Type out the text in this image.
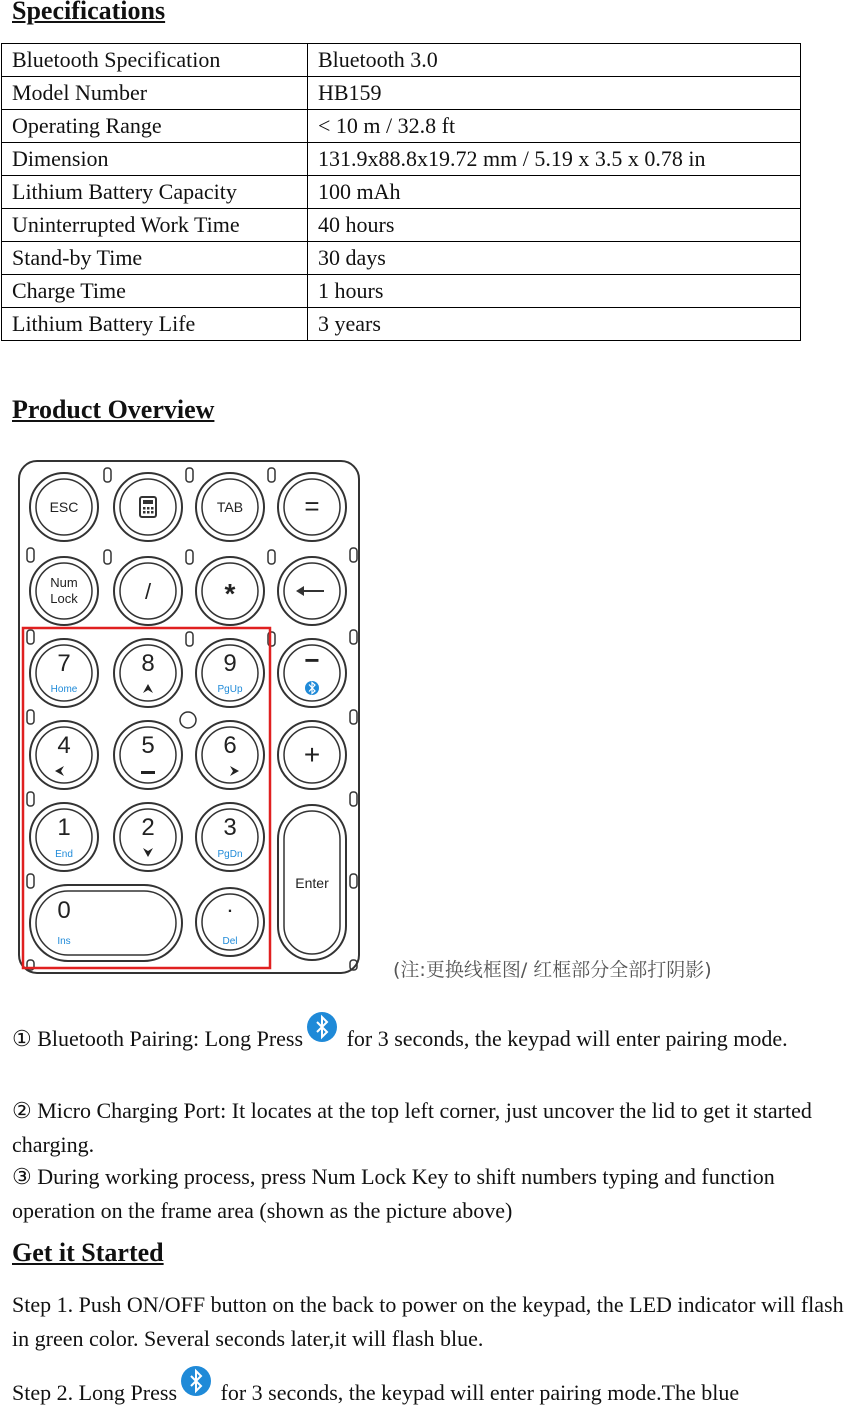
Specifications
Bluetooth Specification	Bluetooth 3.0
Model Number	HB159
Operating Range	< 10 m / 32.8 ft
Dimension	131.9x88.8x19.72 mm / 5.19 x 3.5 x 0.78 in
Lithium Battery Capacity	100 mAh
Uninterrupted Work Time	40 hours
Stand-by Time	30 days
Charge Time	1 hours
Lithium Battery Life	3 years
Product Overview
ESC	TAB =
Num
Lock	/	*
7
Home
8	9
PgUp
−
4	5	6 +
1
End
2	3
PgDn
Enter
0
Ins
.
Del
(注:更换线框图/ 红框部分全部打阴影)

① Bluetooth Pairing: Long Press
for 3 seconds, the keypad will enter pairing mode.

② Micro Charging Port: It locates at the top left corner, just uncover the lid to get it started charging.

③ During working process, press Num Lock Key to shift numbers typing and function operation on the frame area (shown as the picture above)

Get it Started

Step 1. Push ON/OFF button on the back to power on the keypad, the LED indicator will flash in green color. Several seconds later,it will flash blue.

Step 2. Long Press
for 3 seconds, the keypad will enter pairing mode.The blue
